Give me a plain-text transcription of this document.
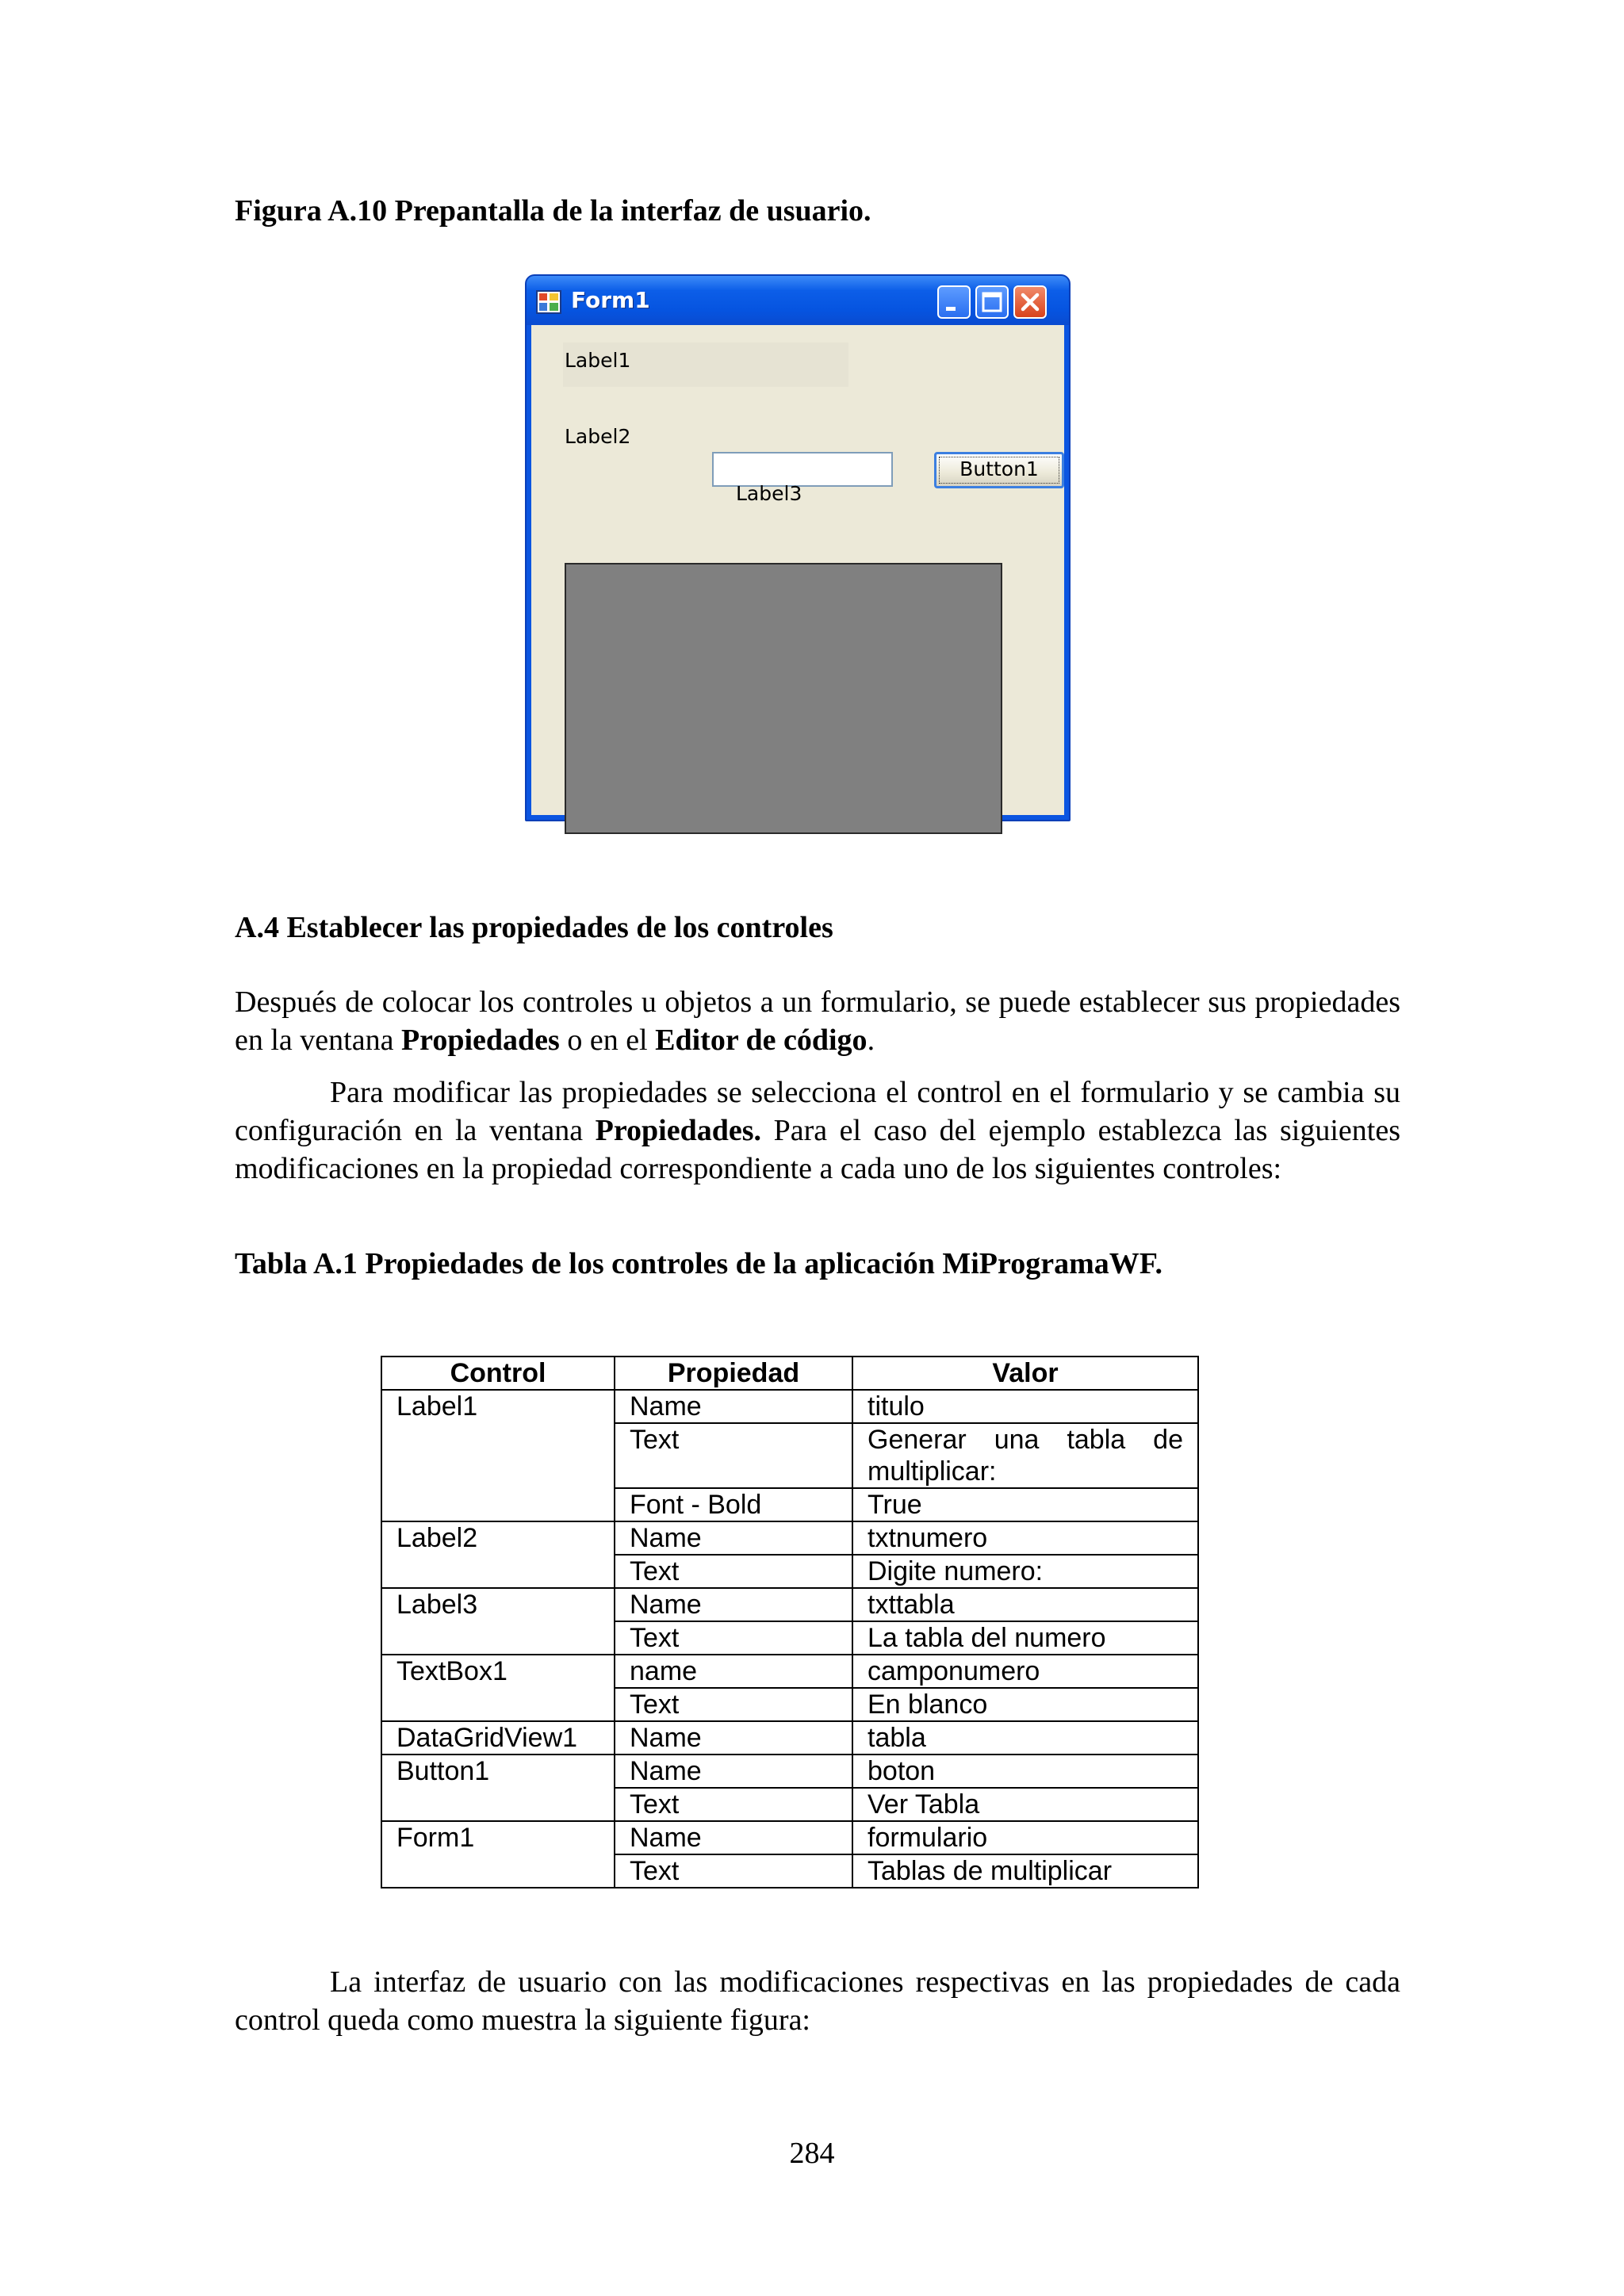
Figura A.10 Prepantalla de la interfaz de usuario.
Form1
Label1
Label2
Button1
Label3
A.4 Establecer las propiedades de los controles
Después de colocar los controles u objetos a un formulario, se puede establecer sus propiedades en la ventana Propiedades o en el Editor de código.
Para modificar las propiedades se selecciona el control en el formulario y se cambia su configuración en la ventana Propiedades. Para el caso del ejemplo establezca las siguientes modificaciones en la propiedad correspondiente a cada uno de los siguientes controles:
Tabla A.1 Propiedades de los controles de la aplicación MiProgramaWF.
Control	Propiedad	Valor
Label1	Name	titulo
	Text	Generar una tabla de multiplicar:
	Font - Bold	True
Label2	Name	txtnumero
	Text	Digite numero:
Label3	Name	txttabla
	Text	La tabla del numero
TextBox1	name	camponumero
	Text	En blanco
DataGridView1	Name	tabla
Button1	Name	boton
	Text	Ver Tabla
Form1	Name	formulario
	Text	Tablas de multiplicar
La interfaz de usuario con las modificaciones respectivas en las propiedades de cada control queda como muestra la siguiente figura:
284
